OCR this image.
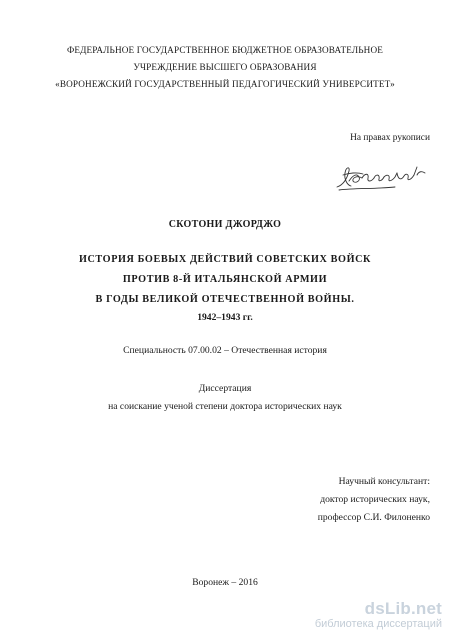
ФЕДЕРАЛЬНОЕ ГОСУДАРСТВЕННОЕ БЮДЖЕТНОЕ ОБРАЗОВАТЕЛЬНОЕ
УЧРЕЖДЕНИЕ ВЫСШЕГО ОБРАЗОВАНИЯ
«ВОРОНЕЖСКИЙ ГОСУДАРСТВЕННЫЙ ПЕДАГОГИЧЕСКИЙ УНИВЕРСИТЕТ»
На правах рукописи
СКОТОНИ ДЖОРДЖО
ИСТОРИЯ БОЕВЫХ ДЕЙСТВИЙ СОВЕТСКИХ ВОЙСК
ПРОТИВ 8-Й ИТАЛЬЯНСКОЙ АРМИИ
В ГОДЫ ВЕЛИКОЙ ОТЕЧЕСТВЕННОЙ ВОЙНЫ.
1942–1943 гг.
Специальность 07.00.02 – Отечественная история
Диссертация
на соискание ученой степени доктора исторических наук
Научный консультант:
доктор исторических наук,
профессор С.И. Филоненко
Воронеж – 2016
dsLib.net
библиотека диссертаций
